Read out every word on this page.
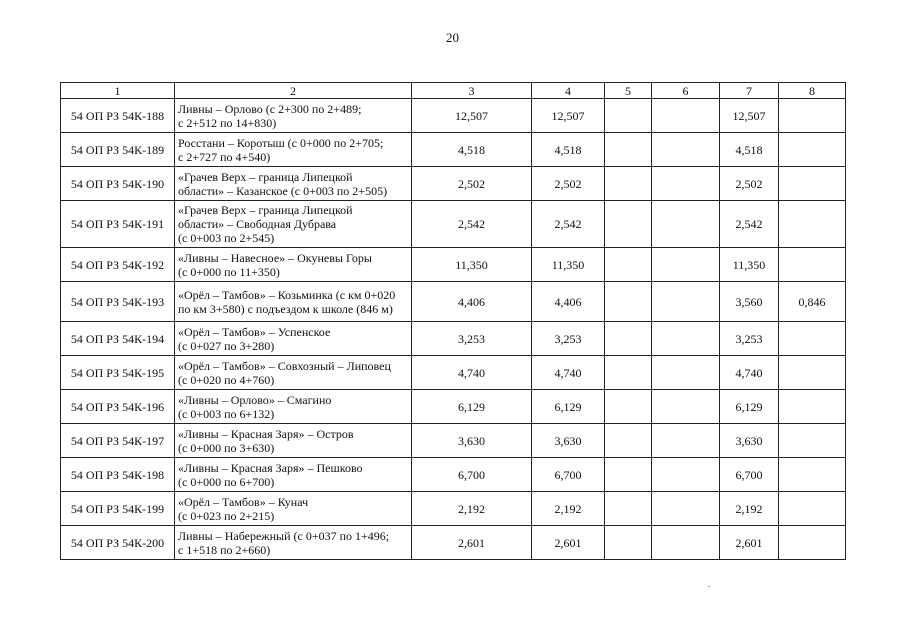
20
1	2	3	4	5	6	7	8
54 ОП РЗ 54К-188	Ливны – Орлово (с 2+300 по 2+489;
с 2+512 по 14+830)	12,507	12,507			12,507	
54 ОП РЗ 54К-189	Росстани – Коротыш (с 0+000 по 2+705;
с 2+727 по 4+540)	4,518	4,518			4,518	
54 ОП РЗ 54К-190	«Грачев Верх – граница Липецкой
области» – Казанское (с 0+003 по 2+505)	2,502	2,502			2,502	
54 ОП РЗ 54К-191	«Грачев Верх – граница Липецкой
области» – Свободная Дубрава
(с 0+003 по 2+545)	2,542	2,542			2,542	
54 ОП РЗ 54К-192	«Ливны – Навесное» – Окуневы Горы
(с 0+000 по 11+350)	11,350	11,350			11,350	
54 ОП РЗ 54К-193	«Орёл – Тамбов» – Козьминка (с км 0+020
по км 3+580) с подъездом к школе (846 м)	4,406	4,406			3,560	0,846
54 ОП РЗ 54К-194	«Орёл – Тамбов» – Успенское
(с 0+027 по 3+280)	3,253	3,253			3,253	
54 ОП РЗ 54К-195	«Орёл – Тамбов» – Совхозный – Липовец
(с 0+020 по 4+760)	4,740	4,740			4,740	
54 ОП РЗ 54К-196	«Ливны – Орлово» – Смагино
(с 0+003 по 6+132)	6,129	6,129			6,129	
54 ОП РЗ 54К-197	«Ливны – Красная Заря» – Остров
(с 0+000 по 3+630)	3,630	3,630			3,630	
54 ОП РЗ 54К-198	«Ливны – Красная Заря» – Пешково
(с 0+000 по 6+700)	6,700	6,700			6,700	
54 ОП РЗ 54К-199	«Орёл – Тамбов» – Кунач
(с 0+023 по 2+215)	2,192	2,192			2,192	
54 ОП РЗ 54К-200	Ливны – Набережный (с 0+037 по 1+496;
с 1+518 по 2+660)	2,601	2,601			2,601	
